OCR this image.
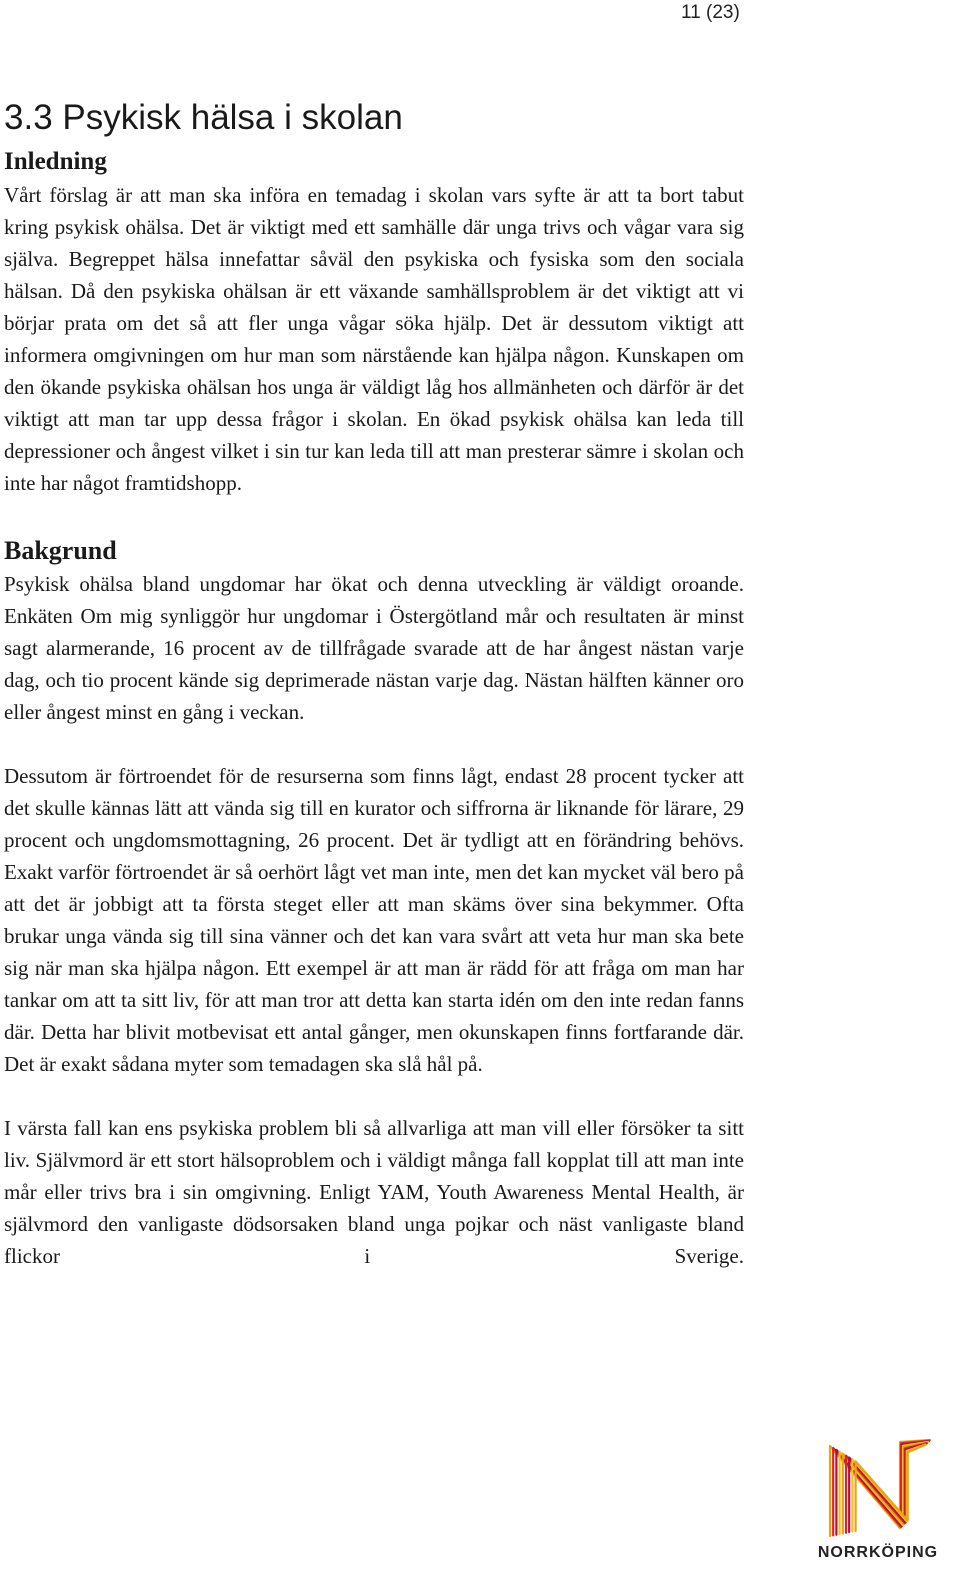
11 (23)
3.3 Psykisk hälsa i skolan
Inledning

Vårt förslag är att man ska införa en temadag i skolan vars syfte är att ta bort tabut kring psykisk ohälsa. Det är viktigt med ett samhälle där unga trivs och vågar vara sig själva. Begreppet hälsa innefattar såväl den psykiska och fysiska som den sociala hälsan. Då den psykiska ohälsan är ett växande samhällsproblem är det viktigt att vi börjar prata om det så att fler unga vågar söka hjälp. Det är dessutom viktigt att informera omgivningen om hur man som närstående kan hjälpa någon. Kunskapen om den ökande psykiska ohälsan hos unga är väldigt låg hos allmänheten och därför är det viktigt att man tar upp dessa frågor i skolan. En ökad psykisk ohälsa kan leda till depressioner och ångest vilket i sin tur kan leda till att man presterar sämre i skolan och inte har något framtidshopp.

Bakgrund

Psykisk ohälsa bland ungdomar har ökat och denna utveckling är väldigt oroande. Enkäten Om mig synliggör hur ungdomar i Östergötland mår och resultaten är minst sagt alarmerande, 16 procent av de tillfrågade svarade att de har ångest nästan varje dag, och tio procent kände sig deprimerade nästan varje dag. Nästan hälften känner oro eller ångest minst en gång i veckan.

Dessutom är förtroendet för de resurserna som finns lågt, endast 28 procent tycker att det skulle kännas lätt att vända sig till en kurator och siffrorna är liknande för lärare, 29 procent och ungdomsmottagning, 26 procent. Det är tydligt att en förändring behövs. Exakt varför förtroendet är så oerhört lågt vet man inte, men det kan mycket väl bero på att det är jobbigt att ta första steget eller att man skäms över sina bekymmer. Ofta brukar unga vända sig till sina vänner och det kan vara svårt att veta hur man ska bete sig när man ska hjälpa någon. Ett exempel är att man är rädd för att fråga om man har tankar om att ta sitt liv, för att man tror att detta kan starta idén om den inte redan fanns där. Detta har blivit motbevisat ett antal gånger, men okunskapen finns fortfarande där. Det är exakt sådana myter som temadagen ska slå hål på.

I värsta fall kan ens psykiska problem bli så allvarliga att man vill eller försöker ta sitt liv. Självmord är ett stort hälsoproblem och i väldigt många fall kopplat till att man inte mår eller trivs bra i sin omgivning. Enligt YAM, Youth Awareness Mental Health, är självmord den vanligaste dödsorsaken bland unga pojkar och näst vanligaste bland flickor i Sverige.

NORRKÖPING
